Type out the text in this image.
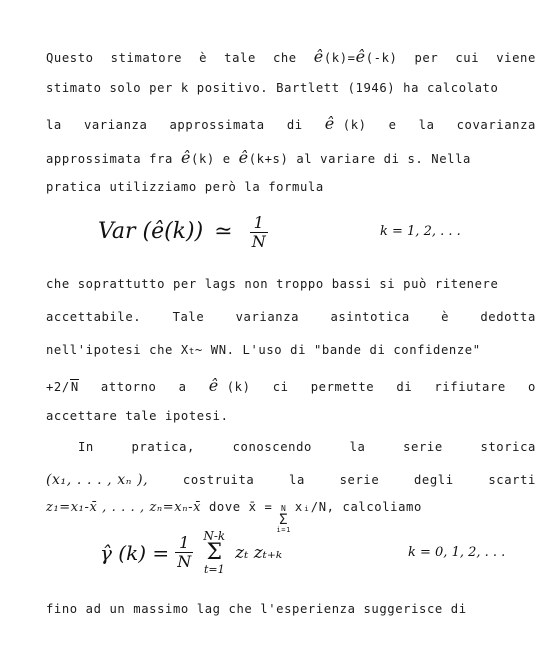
Questo stimatore è tale che ê(k)=ê(-k) per cui viene
stimato solo per k positivo. Bartlett (1946) ha calcolato
la varianza approssimata di ê (k) e la covarianza
approssimata fra
ê (k) e
ê (k+s) al variare di s. Nella
pratica utilizziamo però la formula
Var (ê(k)) ≃ $\frac{1}{N}$	k = 1, 2, . . .
che soprattutto per lags non troppo bassi si può ritenere
accettabile.	Tale	varianza	asintotica	è	dedotta
nell'ipotesi che X t ~ WN. L'uso di "bande di confidenze"
+2/N attorno a ê (k) ci permette di rifiutare o
accettare tale ipotesi.
In	pratica,	conoscendo	la	serie	storica
(x₁, . . . , xₙ ),	costruita	la	serie	degli	scarti
z₁=x₁-x̄ , . . . , zₙ=xₙ-x̄
dove
x̄ = N
Σ
i=1
xᵢ/N, calcoliamo
γ̂ $(k) = \frac{1}{N} N-k$
Σ
t=1
zₜ zₜ₊ₖ	k = 0, 1, 2, . . .
fino ad un massimo lag che l'esperienza suggerisce di
